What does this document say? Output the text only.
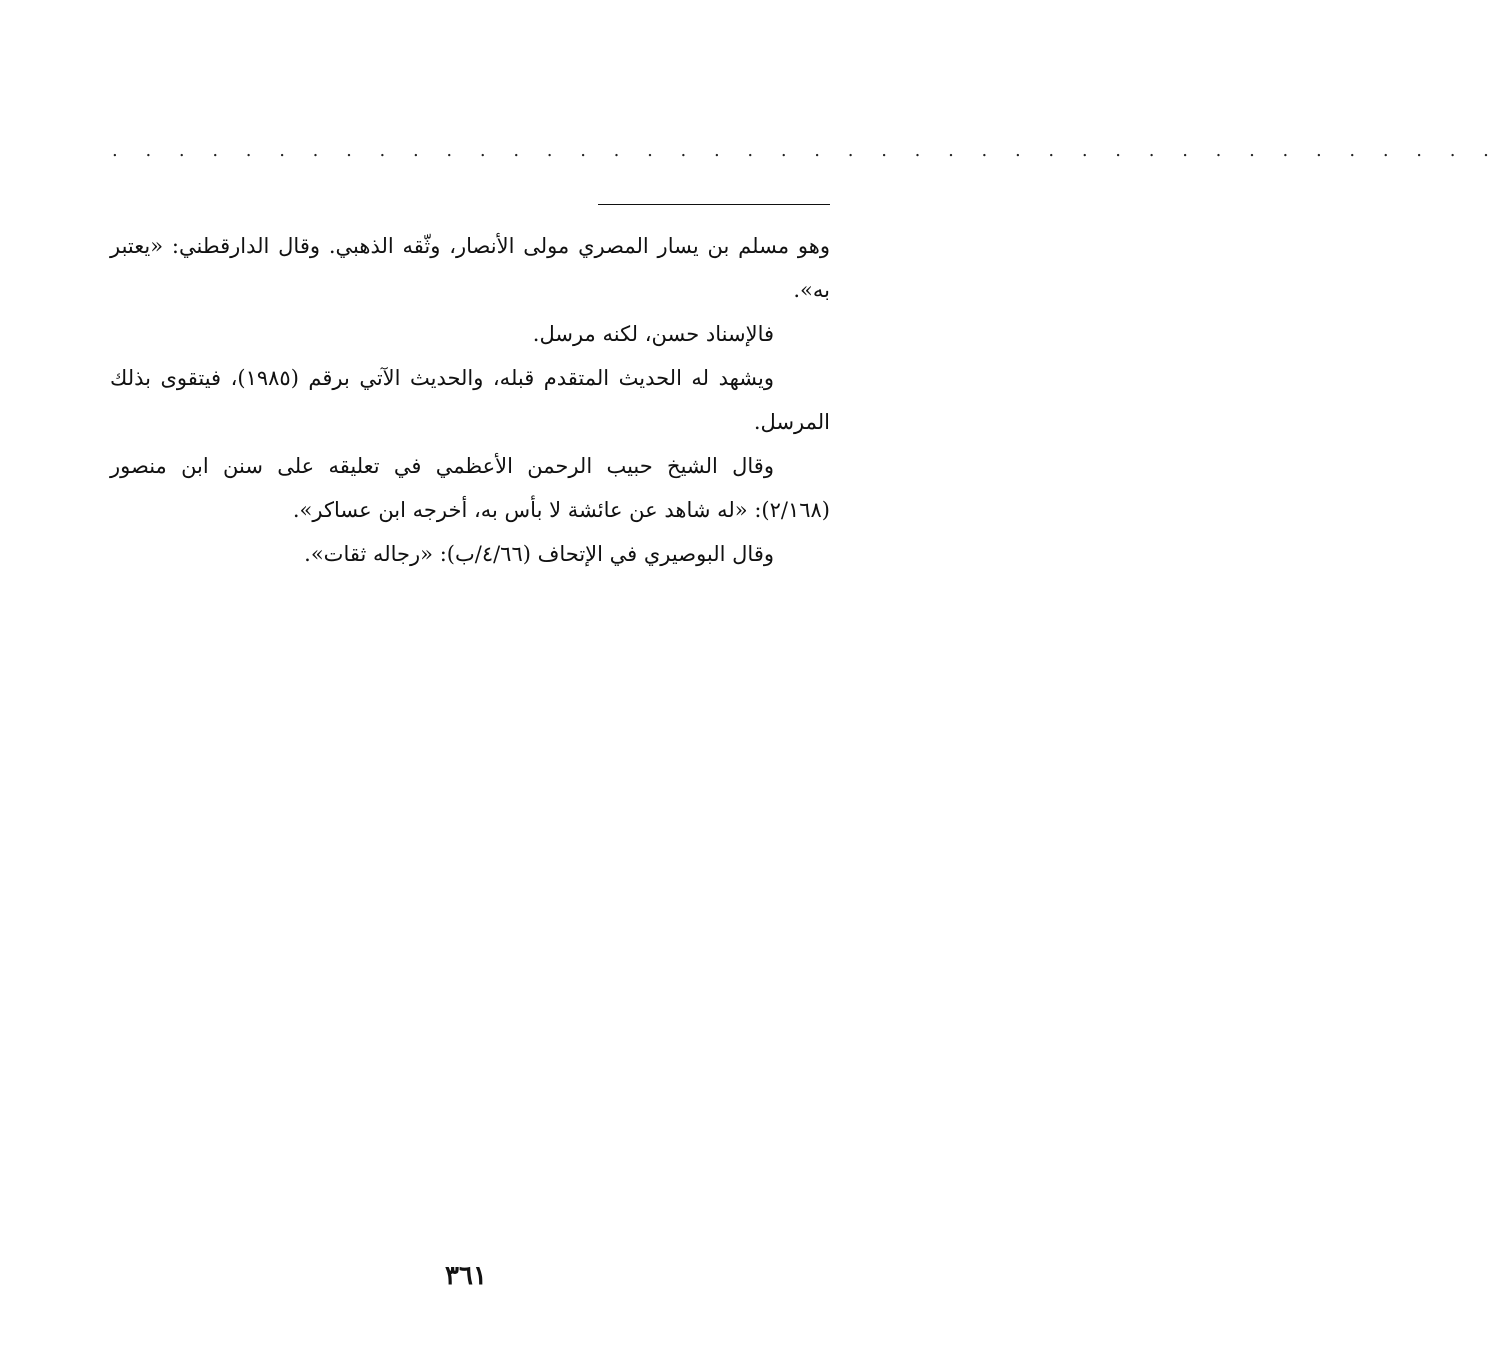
. . . . . . . . . . . . . . . . . . . . . . . . . . . . . . . . . . . . . . . . . .

وهو مسلم بن يسار المصري مولى الأنصار، وثّقه الذهبي. وقال الدارقطني: «يعتبر به».

فالإسناد حسن، لكنه مرسل.

ويشهد له الحديث المتقدم قبله، والحديث الآتي برقم (١٩٨٥)، فيتقوى بذلك المرسل.

وقال الشيخ حبيب الرحمن الأعظمي في تعليقه على سنن ابن منصور (٢/١٦٨): «له شاهد عن عائشة لا بأس به، أخرجه ابن عساكر».

وقال البوصيري في الإتحاف (٤/٦٦/ب): «رجاله ثقات».

٣٦١
